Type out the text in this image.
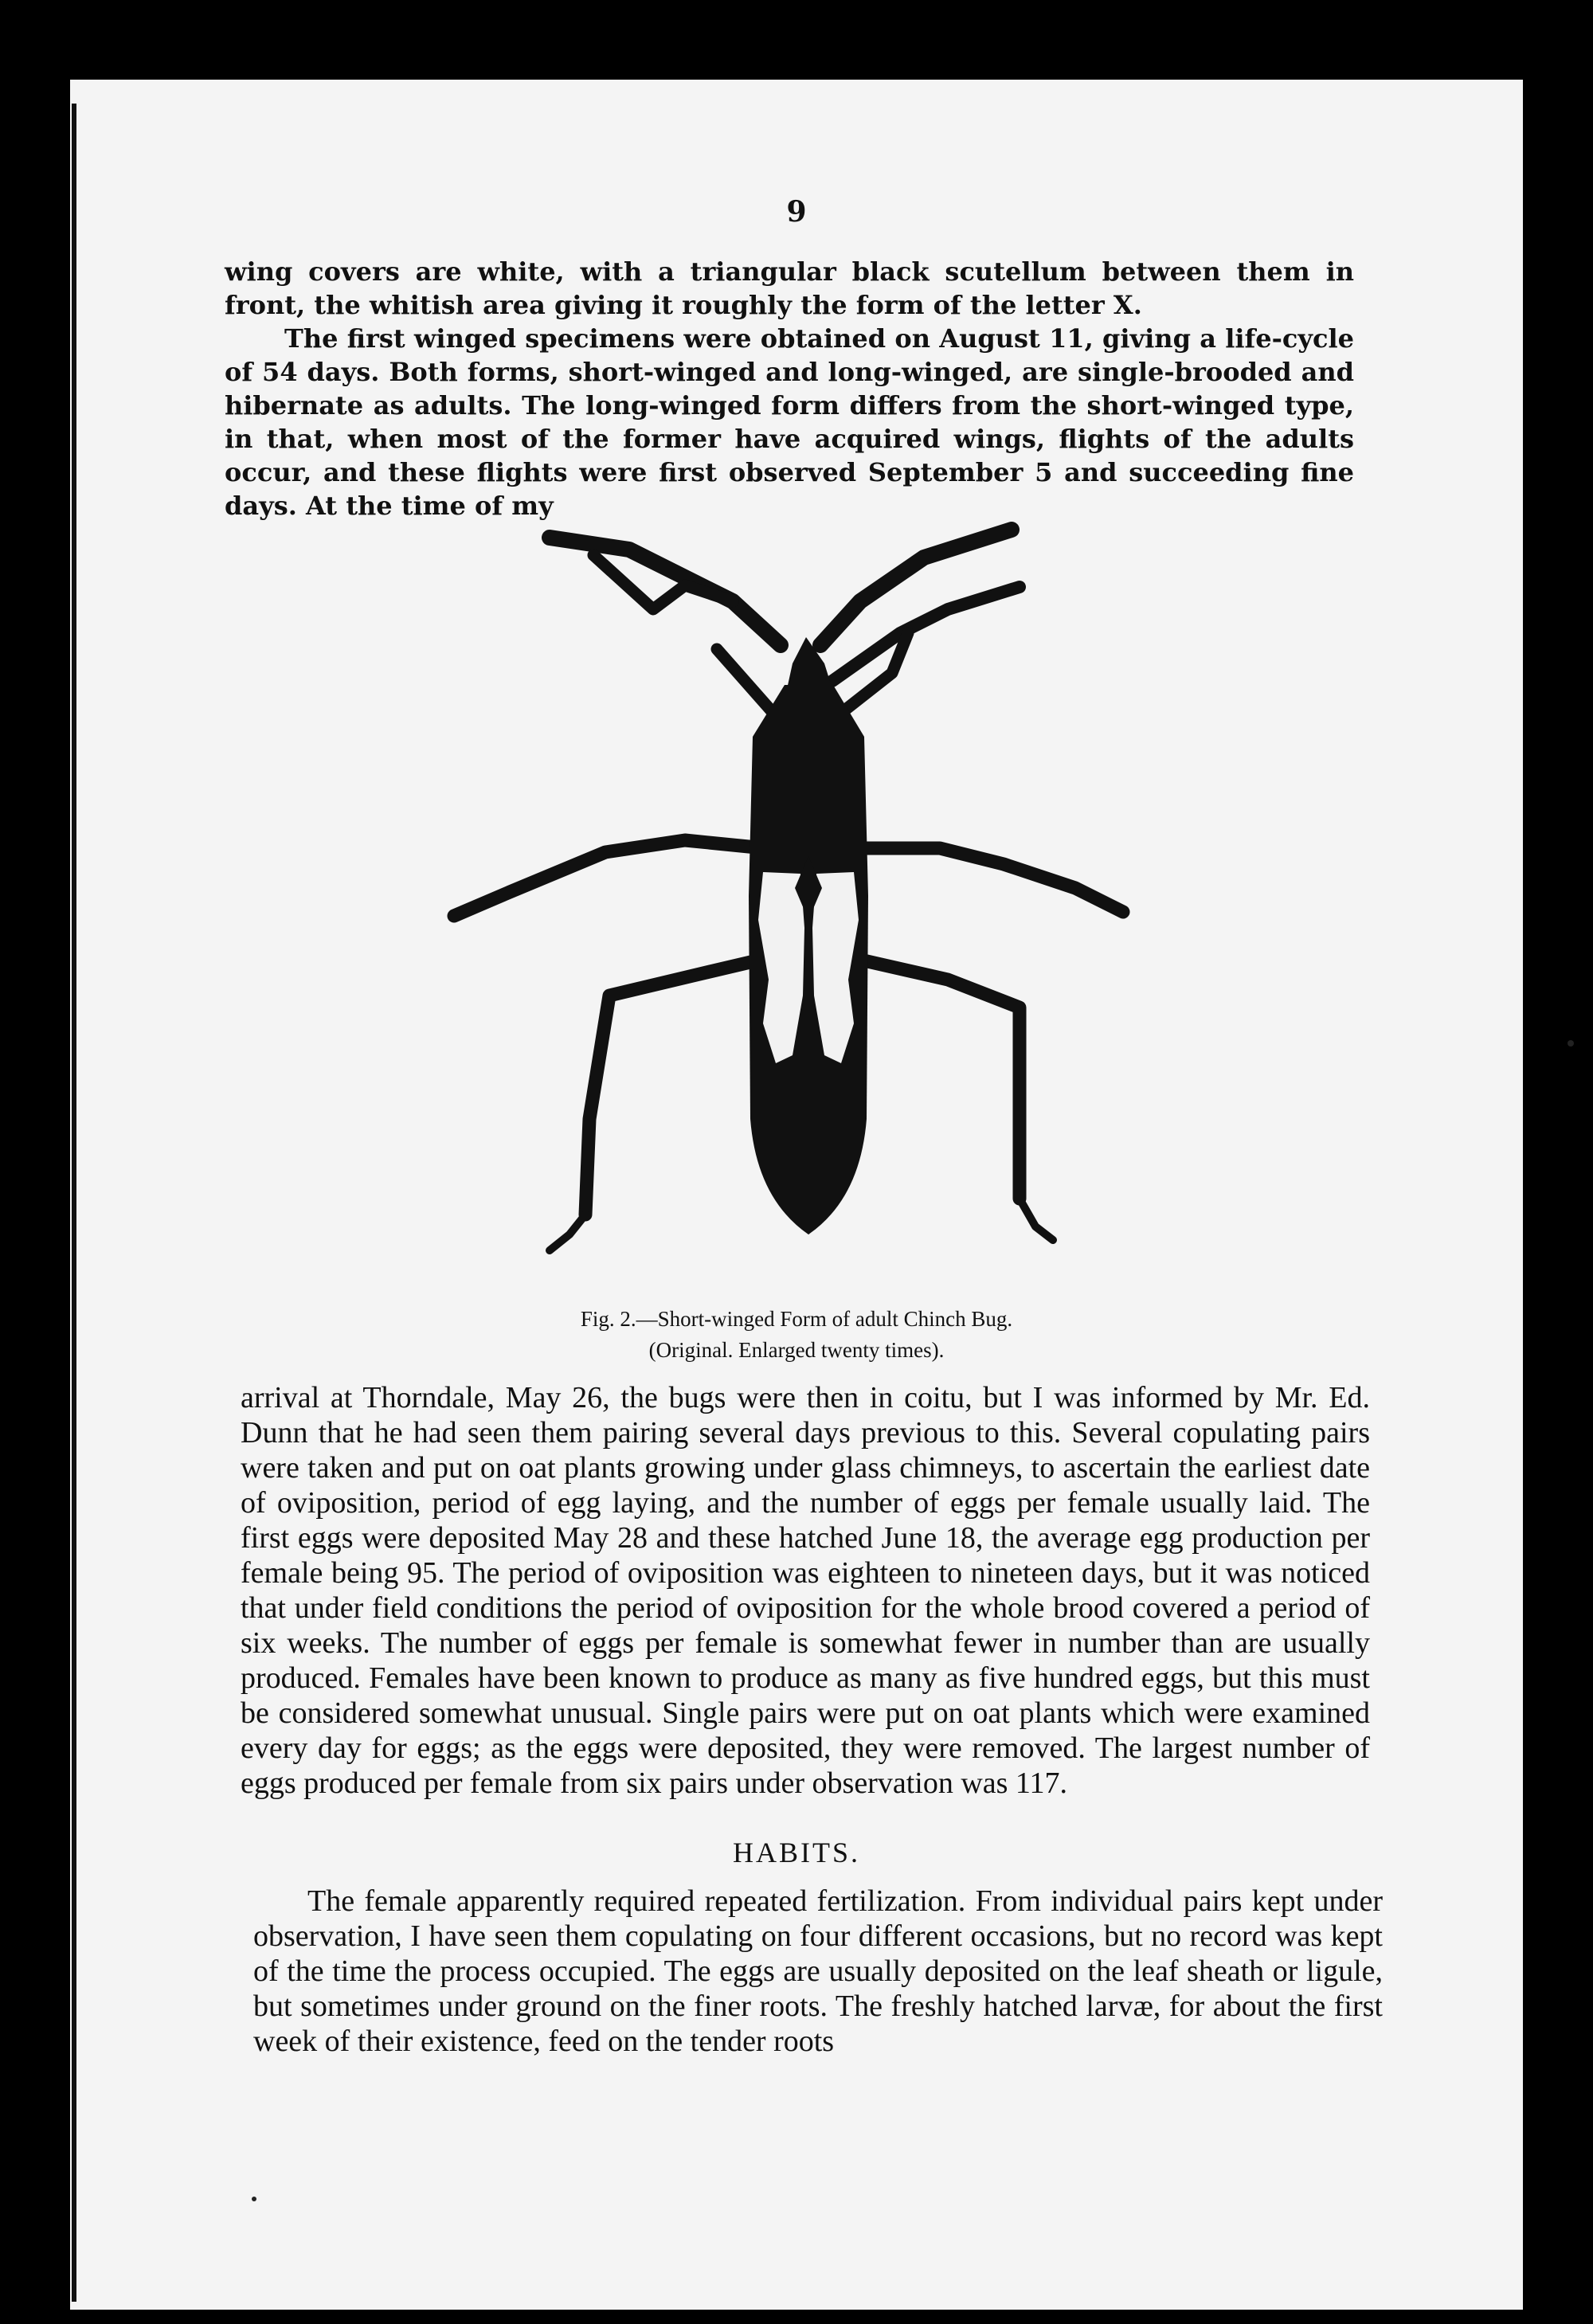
9

wing covers are white, with a triangular black scutellum between them in front, the whitish area giving it roughly the form of the letter X.

The first winged specimens were obtained on August 11, giving a life-cycle of 54 days. Both forms, short-winged and long-winged, are single-brooded and hibernate as adults. The long-winged form differs from the short-winged type, in that, when most of the former have acquired wings, flights of the adults occur, and these flights were first observed September 5 and succeeding fine days. At the time of my

Fig. 2.—Short-winged Form of adult Chinch Bug.
(Original. Enlarged twenty times).

arrival at Thorndale, May 26, the bugs were then in coitu, but I was informed by Mr. Ed. Dunn that he had seen them pairing several days previous to this. Several copulating pairs were taken and put on oat plants growing under glass chimneys, to ascertain the earliest date of oviposition, period of egg laying, and the number of eggs per female usually laid. The first eggs were deposited May 28 and these hatched June 18, the average egg production per female being 95. The period of oviposition was eighteen to nineteen days, but it was noticed that under field conditions the period of oviposition for the whole brood covered a period of six weeks. The number of eggs per female is somewhat fewer in number than are usually produced. Females have been known to produce as many as five hundred eggs, but this must be considered somewhat unusual. Single pairs were put on oat plants which were examined every day for eggs; as the eggs were deposited, they were removed. The largest number of eggs produced per female from six pairs under observation was 117.

HABITS.

The female apparently required repeated fertilization. From individual pairs kept under observation, I have seen them copulating on four different occasions, but no record was kept of the time the process occupied. The eggs are usually deposited on the leaf sheath or ligule, but sometimes under ground on the finer roots. The freshly hatched larvæ, for about the first week of their existence, feed on the tender roots
